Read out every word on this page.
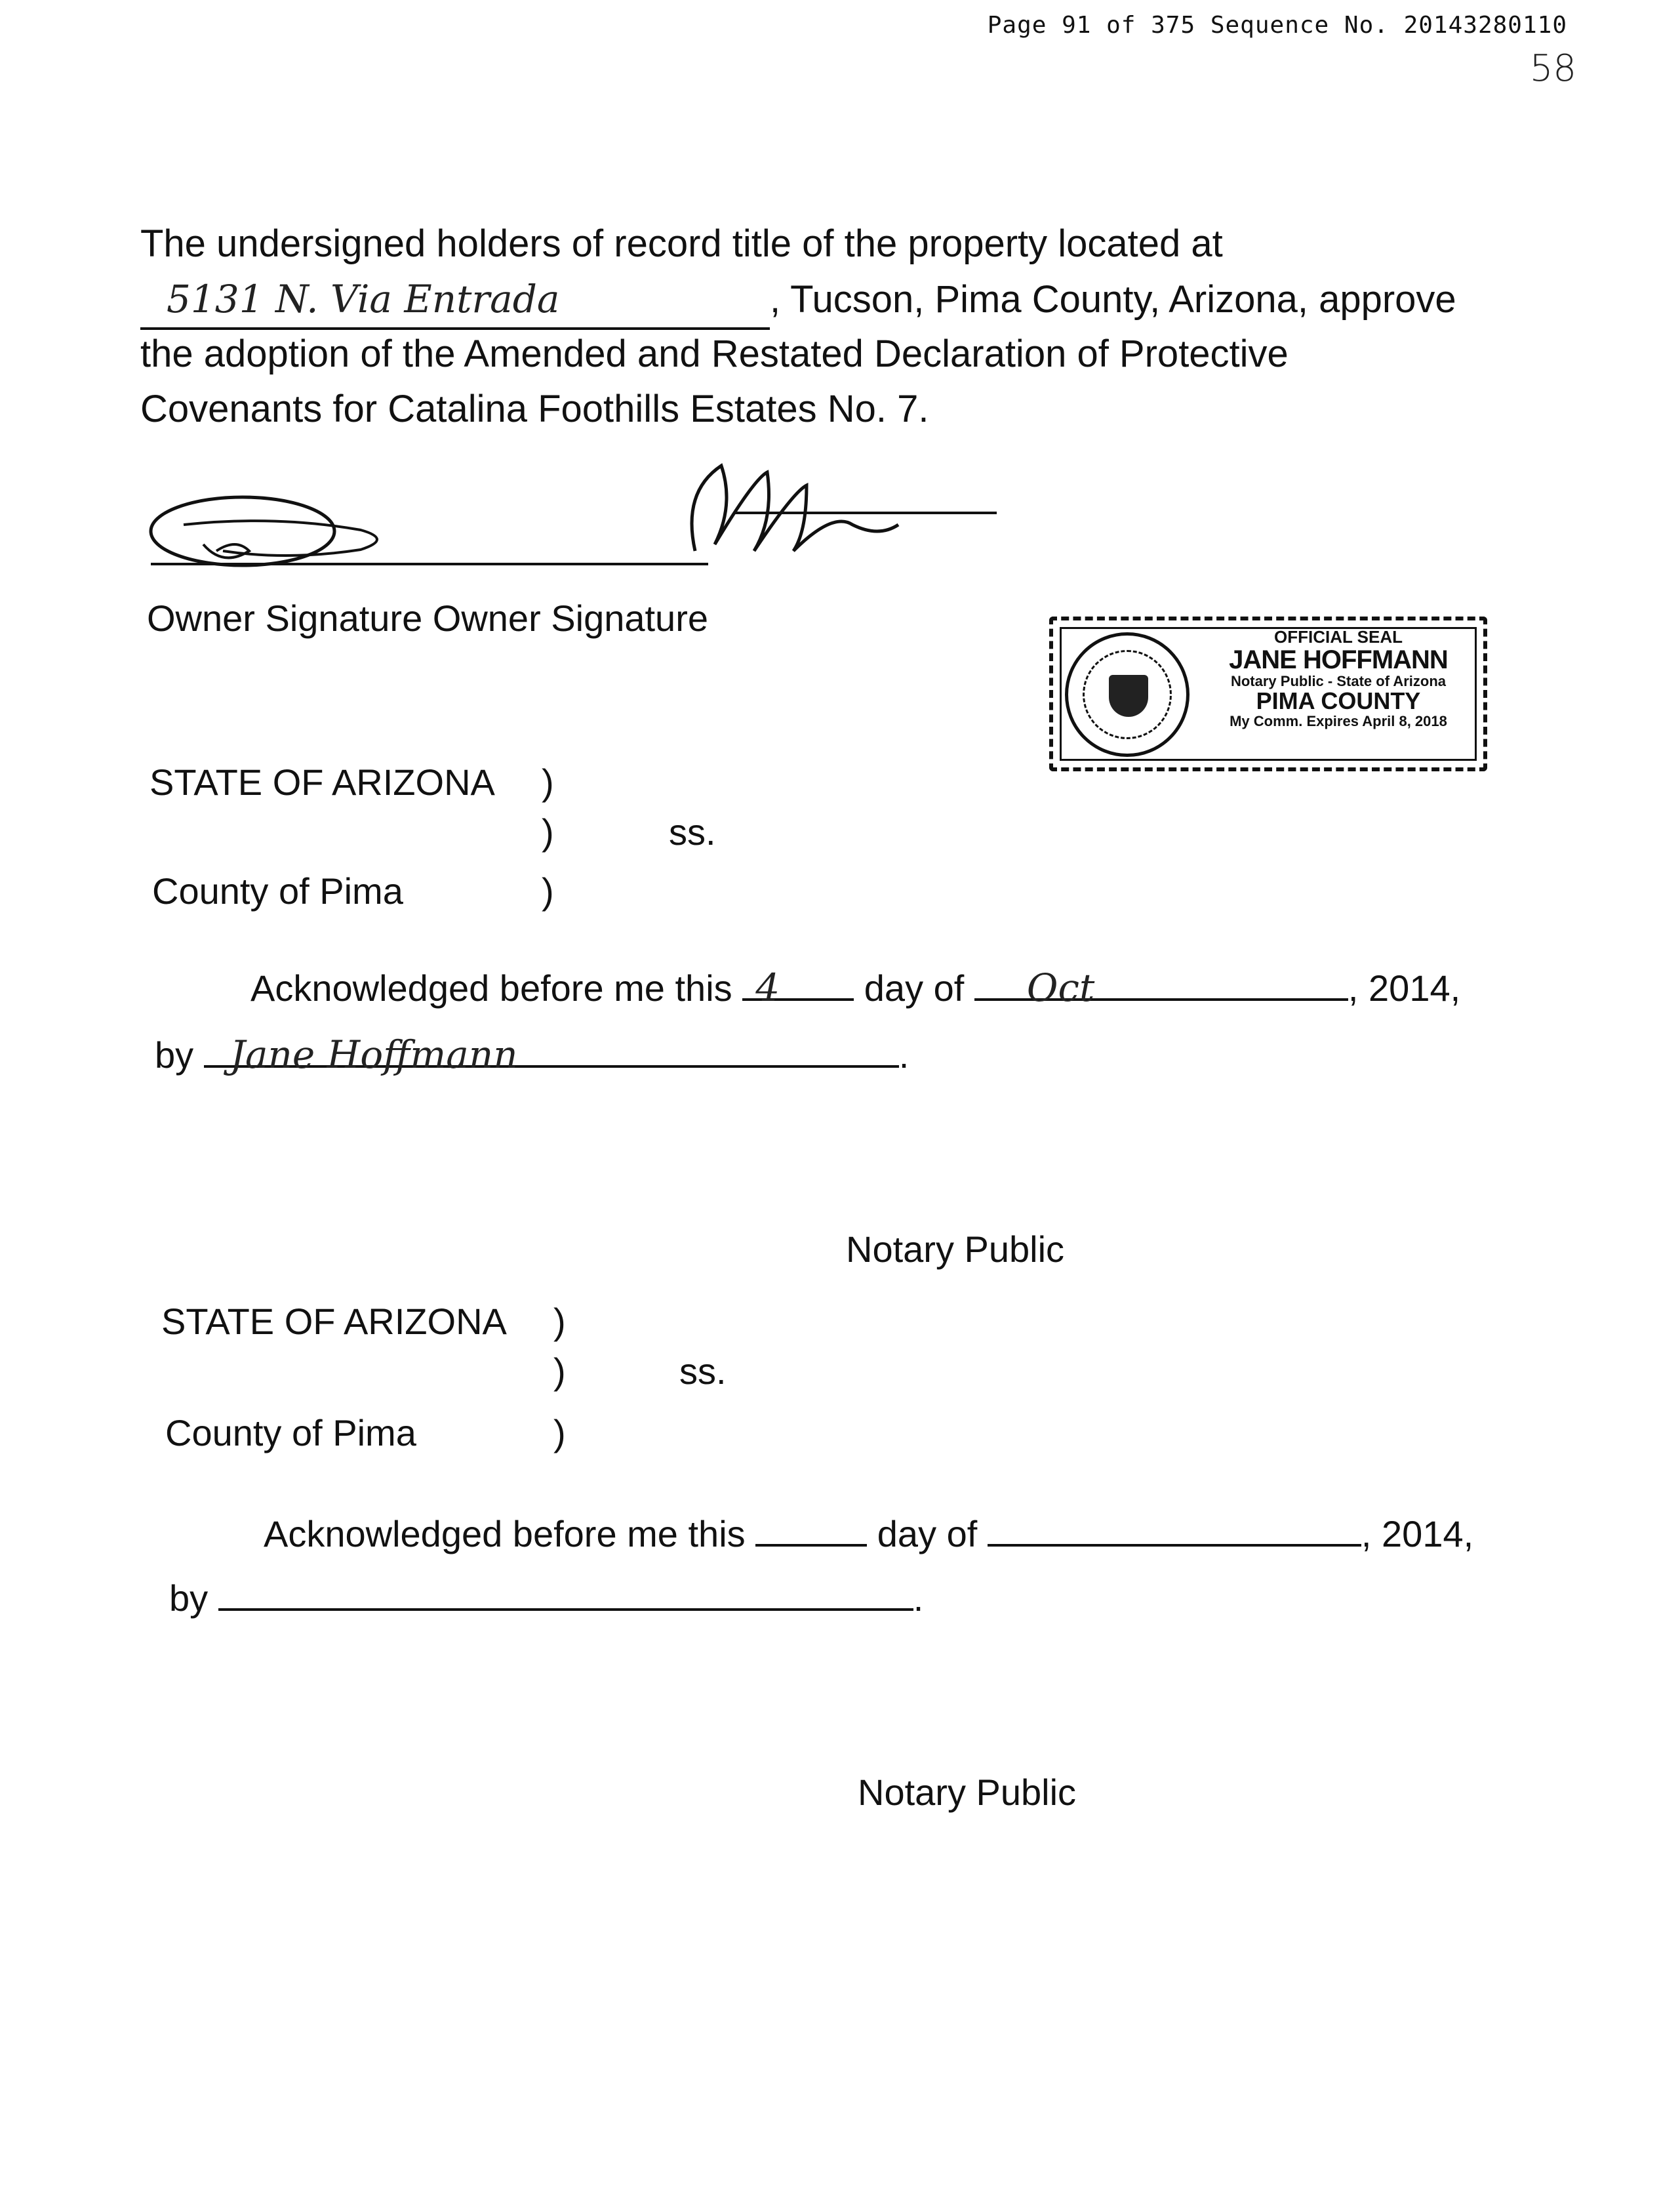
Page 91 of 375 Sequence No. 20143280110
58
The undersigned holders of record title of the property located at
5131 N. Via Entrada	, Tucson, Pima County, Arizona, approve
the adoption of the Amended and Restated Declaration of Protective
Covenants for Catalina Foothills Estates No. 7.
Owner Signature Owner Signature	OFFICIAL SEAL
JANE HOFFMANN
Notary Public - State of Arizona
PIMA COUNTY
My Comm. Expires April 8, 2018
STATE OF ARIZONA )
)	ss.
County of Pima	)
Acknowledged before me this 4 day of Oct	, 2014,
by Jane Hoffmann	.
Notary Public
STATE OF ARIZONA )
)	ss.
County of Pima	)
Acknowledged before me this	day of	, 2014,
by	.
Notary Public
